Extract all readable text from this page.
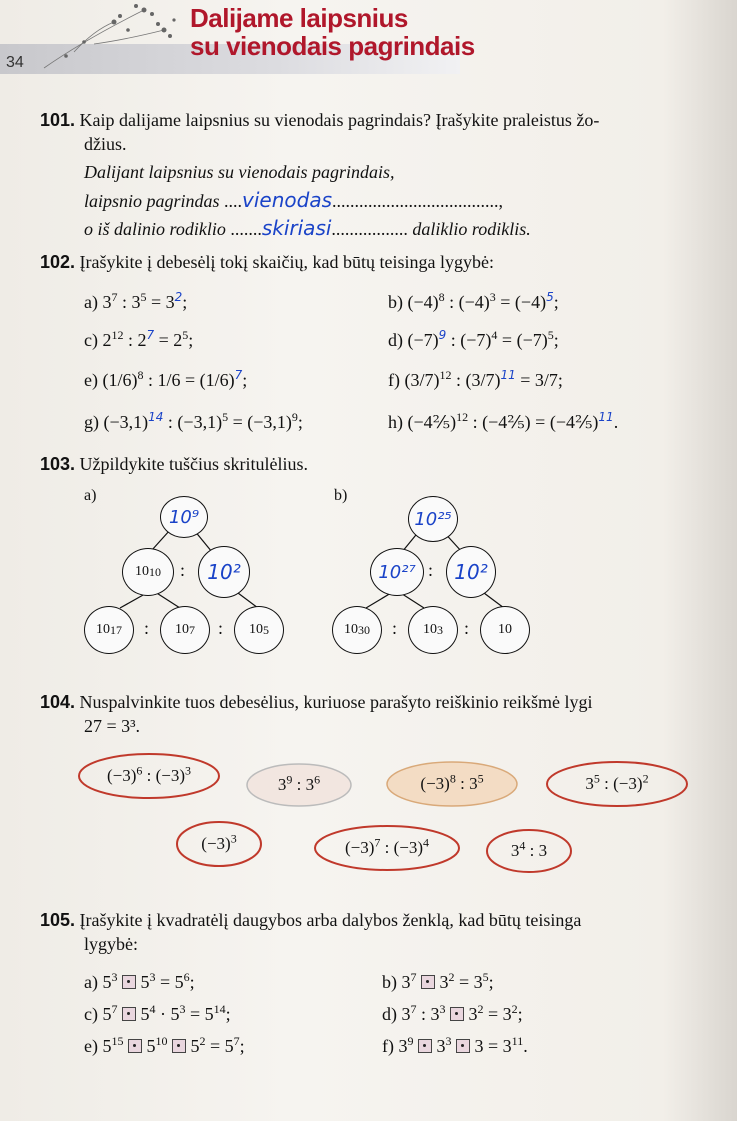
Dalijame laipsnius
su vienodais pagrindais
34
101. Kaip dalijame laipsnius su vienodais pagrindais? Įrašykite praleistus žo-
džius.
Dalijant laipsnius su vienodais pagrindais,
laipsnio pagrindas ....vienodas.....................................,
o iš dalinio rodiklio .......skiriasi................. daliklio rodiklis.
102. Įrašykite į debesėlį tokį skaičių, kad būtų teisinga lygybė:
a) $3^7$ : $3^5 = 3^2$;	b) $(-4)^8$ : $(-4)^3 = (-4)^5$;
c) $2^{12}$ : $2^7 = 2^5$;	d) $(-7)^9$ : $(-7)^4 = (-7)^5$;
e) $(1/6)^8$ : $1/6 = (1/6)^7$;	f) $(3/7)^{12}$ : $(3/7)^{11} = 3/7$;
g) $(-3,1)^{14}$ : $(-3,1)^5 = (-3,1)^9$;	h) (−4⅖)$^{12}$ : (−4⅖) = (−4⅖)$^{11}$.
103. Užpildykite tuščius skritulėlius.
a)	b)
10⁹
10 10 10²
:
10 17	10 7	10 5
:	:
10²⁵
10²⁷ 10²
:
10 30	10 3	10
:	:
104. Nuspalvinkite tuos debesėlius, kuriuose parašyto reiškinio reikšmė lygi
27 = 3³.
$(-3)^6$ : $(-3)^3$
$3^9$ : $3^6$	$(-3)^8$ : $3^5$	$3^5$ : $(-3)^2$
$(-3)^3$	$(-3)^7$ : $(-3)^4$	$3^4$ : 3
105. Įrašykite į kvadratėlį daugybos arba dalybos ženklą, kad būtų teisinga
lygybė:
a) $5^3$  $5^3 = 5^6$;	b) $3^7$  $3^2 = 3^5$;
c) $5^7$  $5^4 \cdot 5^3 = 5^{14}$;	d) $3^7$ : $3^3$  $3^2 = 3^2$;
e) $5^{15}$  $5^{10}$  $5^2 = 5^7$;	f) $3^9$  $3^3$  $3 = 3^{11}$.
